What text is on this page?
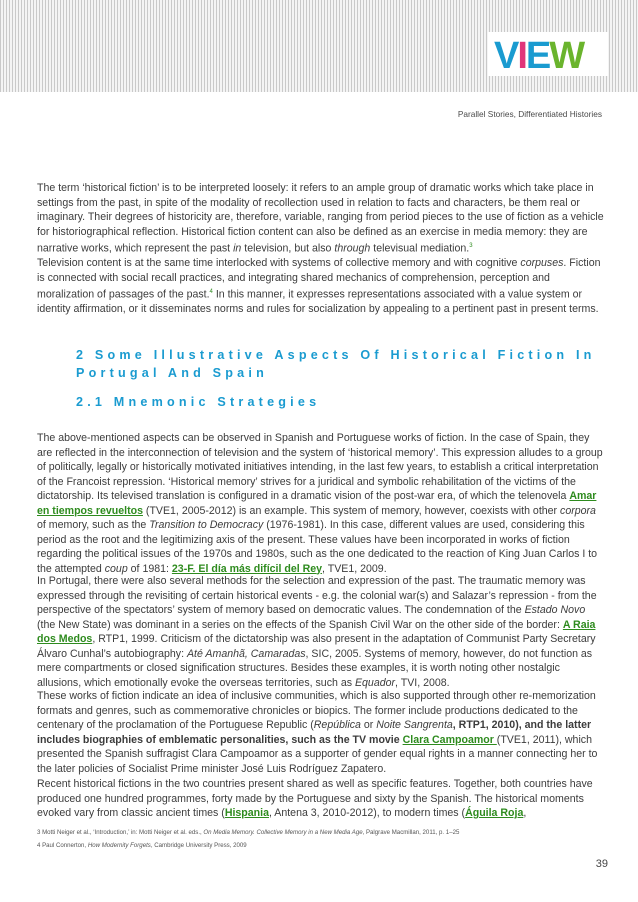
VIEW
Parallel Stories, Differentiated Histories

The term ‘historical fiction’ is to be interpreted loosely: it refers to an ample group of dramatic works which take place in settings from the past, in spite of the modality of recollection used in relation to facts and characters, be them real or imaginary. Their degrees of historicity are, therefore, variable, ranging from period pieces to the use of fiction as a vehicle for historiographical reflection. Historical fiction content can also be defined as an exercise in media memory: they are narrative works, which represent the past in television, but also through televisual mediation.$^3$

Television content is at the same time interlocked with systems of collective memory and with cognitive corpuses. Fiction is connected with social recall practices, and integrating shared mechanics of comprehension, perception and moralization of passages of the past.$^4$ In this manner, it expresses representations associated with a value system or identity affirmation, or it disseminates norms and rules for socialization by appealing to a pertinent past in present terms.

2 Some Illustrative Aspects Of Historical Fiction In Portugal And Spain
2.1 Mnemonic Strategies

The above-mentioned aspects can be observed in Spanish and Portuguese works of fiction. In the case of Spain, they are reflected in the interconnection of television and the system of ‘historical memory’. This expression alludes to a group of politically, legally or historically motivated initiatives intending, in the last few years, to establish a critical interpretation of the Francoist repression. ‘Historical memory’ strives for a juridical and symbolic rehabilitation of the victims of the dictatorship. Its televised translation is configured in a dramatic vision of the post-war era, of which the telenovela Amar en tiempos revueltos (TVE1, 2005-2012) is an example. This system of memory, however, coexists with other corpora of memory, such as the Transition to Democracy (1976-1981). In this case, different values are used, considering this period as the root and the legitimizing axis of the present. These values have been incorporated in works of fiction regarding the political issues of the 1970s and 1980s, such as the one dedicated to the reaction of King Juan Carlos I to the attempted coup of 1981: 23-F. El día más difícil del Rey, TVE1, 2009.

In Portugal, there were also several methods for the selection and expression of the past. The traumatic memory was expressed through the revisiting of certain historical events - e.g. the colonial war(s) and Salazar’s repression - from the perspective of the spectators’ system of memory based on democratic values. The condemnation of the Estado Novo (the New State) was dominant in a series on the effects of the Spanish Civil War on the other side of the border: A Raia dos Medos, RTP1, 1999. Criticism of the dictatorship was also present in the adaptation of Communist Party Secretary Álvaro Cunhal’s autobiography: Até Amanhã, Camaradas, SIC, 2005. Systems of memory, however, do not function as mere compartments or closed signification structures. Besides these examples, it is worth noting other nostalgic allusions, which emotionally evoke the overseas territories, such as Equador, TVI, 2008.

These works of fiction indicate an idea of inclusive communities, which is also supported through other re-memorization formats and genres, such as commemorative chronicles or biopics. The former include productions dedicated to the centenary of the proclamation of the Portuguese Republic (República or Noite Sangrenta, RTP1, 2010), and the latter includes biographies of emblematic personalities, such as the TV movie Clara Campoamor (TVE1, 2011), which presented the Spanish suffragist Clara Campoamor as a supporter of gender equal rights in a manner connecting her to the later policies of Socialist Prime minister José Luis Rodríguez Zapatero.

Recent historical fictions in the two countries present shared as well as specific features. Together, both countries have produced one hundred programmes, forty made by the Portuguese and sixty by the Spanish. The historical moments evoked vary from classic ancient times (Hispania, Antena 3, 2010-2012), to modern times (Águila Roja,

3 Motti Neiger et al., ‘Introduction,’ in: Motti Neiger et al. eds., On Media Memory. Collective Memory in a New Media Age, Palgrave Macmillan, 2011, p. 1–25
4 Paul Connerton, How Modernity Forgets, Cambridge University Press, 2009
39
